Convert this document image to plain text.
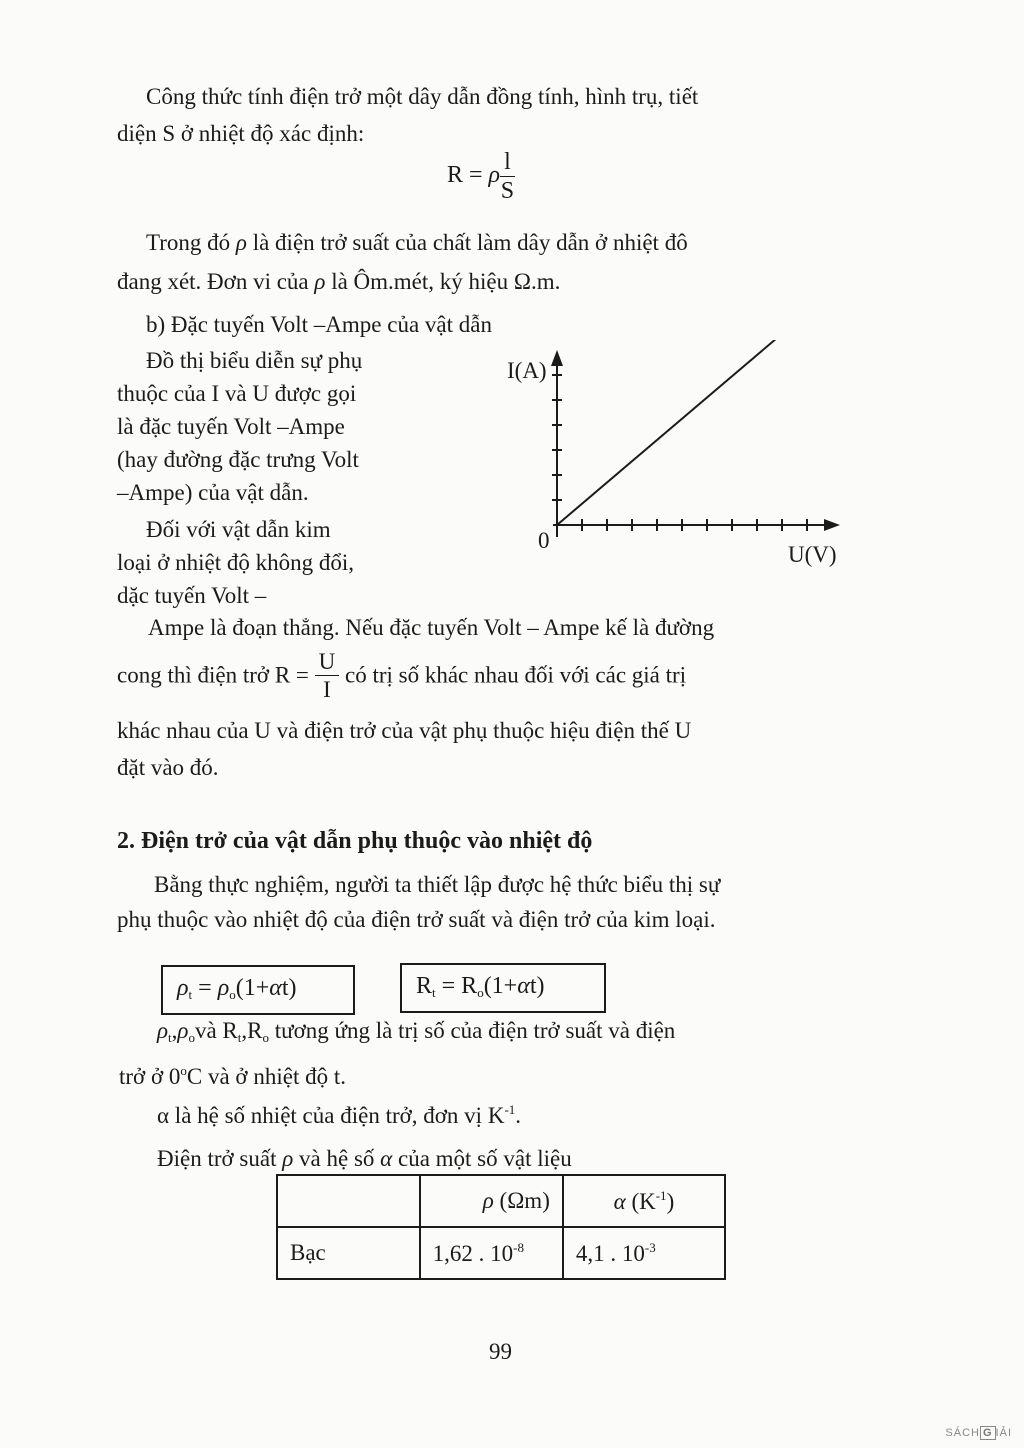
Công thức tính điện trở một dây dẫn đồng tính, hình trụ, tiết
diện S ở nhiệt độ xác định:
R = ρ $\frac{l}{S}$
Trong đó ρ là điện trở suất của chất làm dây dẫn ở nhiệt đô
đang xét. Đơn vi của ρ là Ôm.mét, ký hiệu Ω.m.
b) Đặc tuyến Volt –Ampe của vật dẫn
Đồ thị biểu diễn sự phụ
thuộc của I và U được gọi
là đặc tuyến Volt –Ampe
(hay đường đặc trưng Volt
–Ampe) của vật dẫn.
Đối với vật dẫn kim
loại ở nhiệt độ không đổi,
dặc tuyến Volt –
I(A)
U(V)
0
Ampe là đoạn thẳng. Nếu đặc tuyến Volt – Ampe kế là đường
cong thì điện trở $R = \frac{U}{I}$ có trị số khác nhau đối với các giá trị
khác nhau của U và điện trở của vật phụ thuộc hiệu điện thế U
đặt vào đó.
2. Điện trở của vật dẫn phụ thuộc vào nhiệt độ
Bằng thực nghiệm, người ta thiết lập được hệ thức biểu thị sự
phụ thuộc vào nhiệt độ của điện trở suất và điện trở của kim loại.
$\rho_t = \rho_o(1+\alpha t)$	$R_t = R_o(1+\alpha t)$
$\rho_t,\rho_ovà$ $R_t,R_o$ tương ứng là trị số của điện trở suất và điện
trở ở 0$^o$C và ở nhiệt độ t.
α là hệ số nhiệt của điện trở, đơn vị $K^{-1}$.
Điện trở suất ρ và hệ số α của một số vật liệu
	ρ (Ωm)	α $(K^{-1})$
Bạc	1,62 . $10^{-8}$	4,1 . $10^{-3}$
99
SÁCH G IẢI
